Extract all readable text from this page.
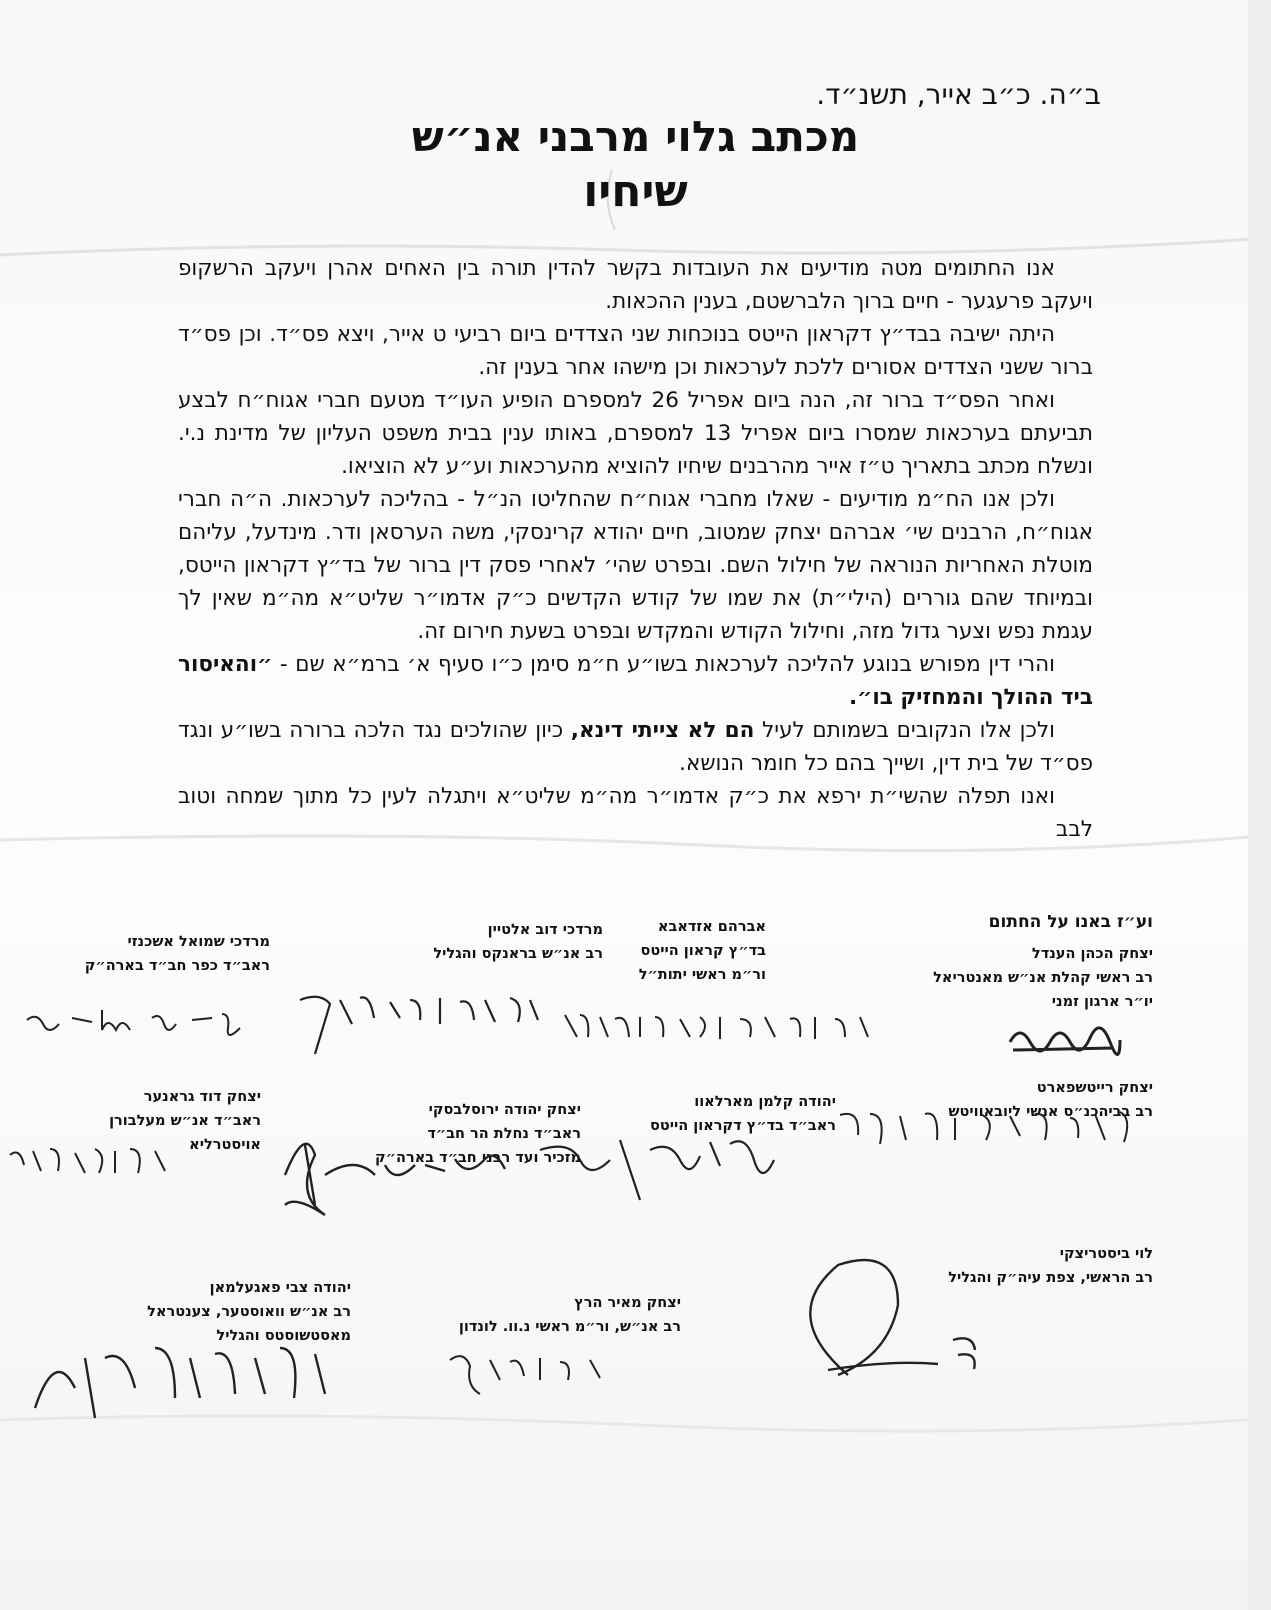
ב״ה. כ״ב אייר, תשנ״ד.
מכתב גלוי מרבני אנ״ש
שיחיו

אנו החתומים מטה מודיעים את העובדות בקשר להדין תורה בין האחים אהרן ויעקב הרשקופ ויעקב פרעגער - חיים ברוך הלברשטם, בענין ההכאות.

היתה ישיבה בבד״ץ דקראון הייטס בנוכחות שני הצדדים ביום רביעי ט אייר, ויצא פס״ד. וכן פס״ד ברור ששני הצדדים אסורים ללכת לערכאות וכן מישהו אחר בענין זה.

ואחר הפס״ד ברור זה, הנה ביום אפריל 26 למספרם הופיע העו״ד מטעם חברי אגוח״ח לבצע תביעתם בערכאות שמסרו ביום אפריל 13 למספרם, באותו ענין בבית משפט העליון של מדינת נ.י. ונשלח מכתב בתאריך ט״ז אייר מהרבנים שיחיו להוציא מהערכאות וע״ע לא הוציאו.

ולכן אנו הח״מ מודיעים - שאלו מחברי אגוח״ח שהחליטו הנ״ל - בהליכה לערכאות. ה״ה חברי אגוח״ח, הרבנים שי׳ אברהם יצחק שמטוב, חיים יהודא קרינסקי, משה הערסאן ודר. מינדעל, עליהם מוטלת האחריות הנוראה של חילול השם. ובפרט שהי׳ לאחרי פסק דין ברור של בד״ץ דקראון הייטס, ובמיוחד שהם גוררים (הילי״ת) את שמו של קודש הקדשים כ״ק אדמו״ר שליט״א מה״מ שאין לך עגמת נפש וצער גדול מזה, וחילול הקודש והמקדש ובפרט בשעת חירום זה.

והרי דין מפורש בנוגע להליכה לערכאות בשו״ע ח״מ סימן כ״ו סעיף א׳ ברמ״א שם - ״והאיסור ביד ההולך והמחזיק בו״.

ולכן אלו הנקובים בשמותם לעיל הם לא צייתי דינא, כיון שהולכים נגד הלכה ברורה בשו״ע ונגד פס״ד של בית דין, ושייך בהם כל חומר הנושא.

ואנו תפלה שהשי״ת ירפא את כ״ק אדמו״ר מה״מ שליט״א ויתגלה לעין כל מתוך שמחה וטוב לבב

וע״ז באנו על החתום
יצחק הכהן הענדל
רב ראשי קהלת אנ״ש מאנטריאל
יו״ר ארגון זמני
אברהם אזדאבא
בד״ץ קראון הייטס
ור״מ ראשי יתות״ל
מרדכי דוב אלטיין
רב אנ״ש בראנקס והגליל
מרדכי שמואל אשכנזי
ראב״ד כפר חב״ד בארה״ק
יצחק רייטשפארט
רב בביהכנ״ס אנשי ליובאוויטש
יהודה קלמן מארלאוו
ראב״ד בד״ץ דקראון הייטס
יצחק יהודה ירוסלבסקי
ראב״ד נחלת הר חב״ד
מזכיר ועד רבני חב״ד בארה״ק
יצחק דוד גראנער
ראב״ד אנ״ש מעלבורן
אויסטרליא
לוי ביסטריצקי
רב הראשי, צפת עיה״ק והגליל
יצחק מאיר הרץ
רב אנ״ש, ור״מ ראשי נ.וו. לונדון
יהודה צבי פאגעלמאן
רב אנ״ש וואוסטער, צענטראל
מאסטשוסטס והגליל
